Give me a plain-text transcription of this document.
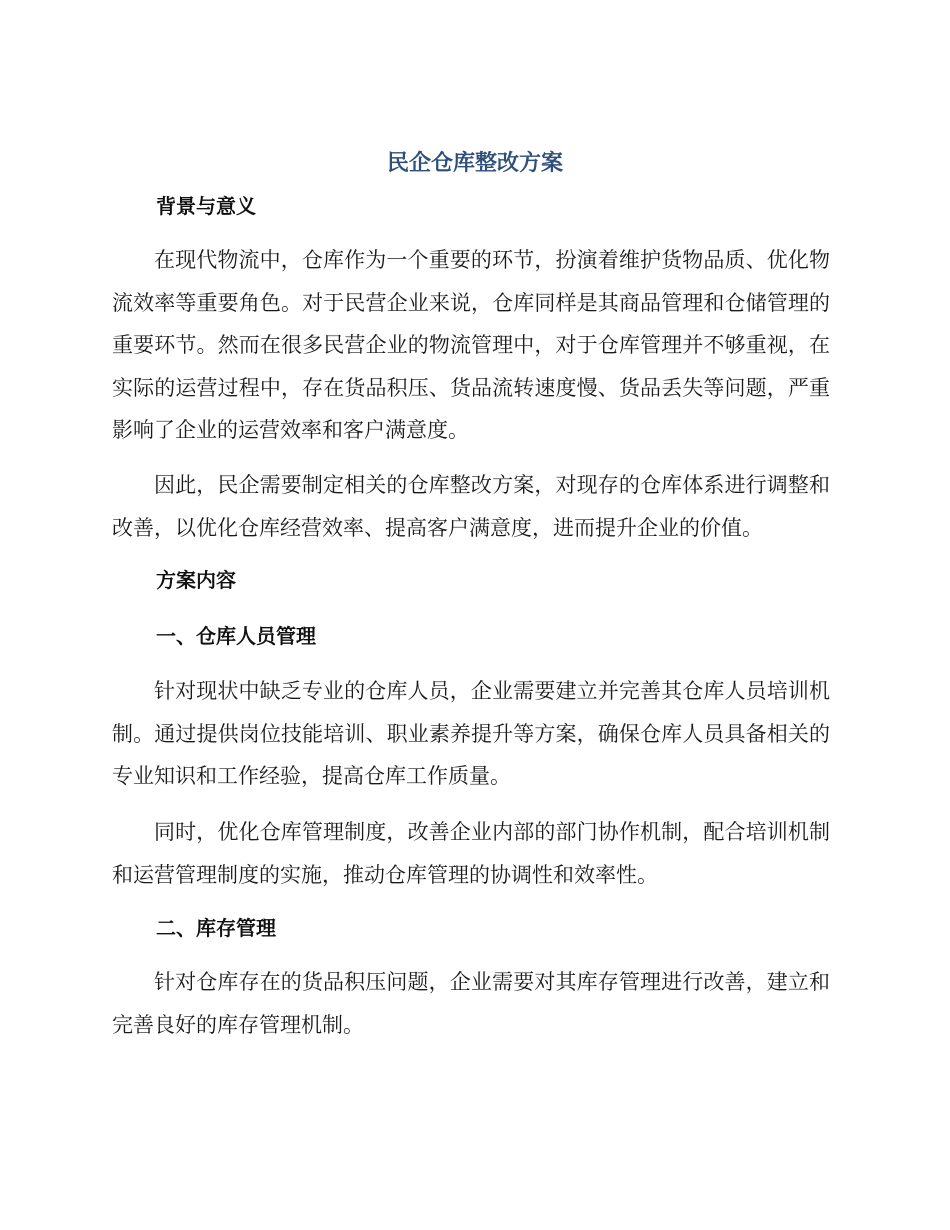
民企仓库整改方案
背景与意义

在现代物流中，仓库作为一个重要的环节，扮演着维护货物品质、优化物流效率等重要角色。对于民营企业来说，仓库同样是其商品管理和仓储管理的重要环节。然而在很多民营企业的物流管理中，对于仓库管理并不够重视，在实际的运营过程中，存在货品积压、货品流转速度慢、货品丢失等问题，严重影响了企业的运营效率和客户满意度。

因此，民企需要制定相关的仓库整改方案，对现存的仓库体系进行调整和改善，以优化仓库经营效率、提高客户满意度，进而提升企业的价值。

方案内容
一、仓库人员管理

针对现状中缺乏专业的仓库人员，企业需要建立并完善其仓库人员培训机制。通过提供岗位技能培训、职业素养提升等方案，确保仓库人员具备相关的专业知识和工作经验，提高仓库工作质量。

同时，优化仓库管理制度，改善企业内部的部门协作机制，配合培训机制和运营管理制度的实施，推动仓库管理的协调性和效率性。

二、库存管理

针对仓库存在的货品积压问题，企业需要对其库存管理进行改善，建立和完善良好的库存管理机制。
